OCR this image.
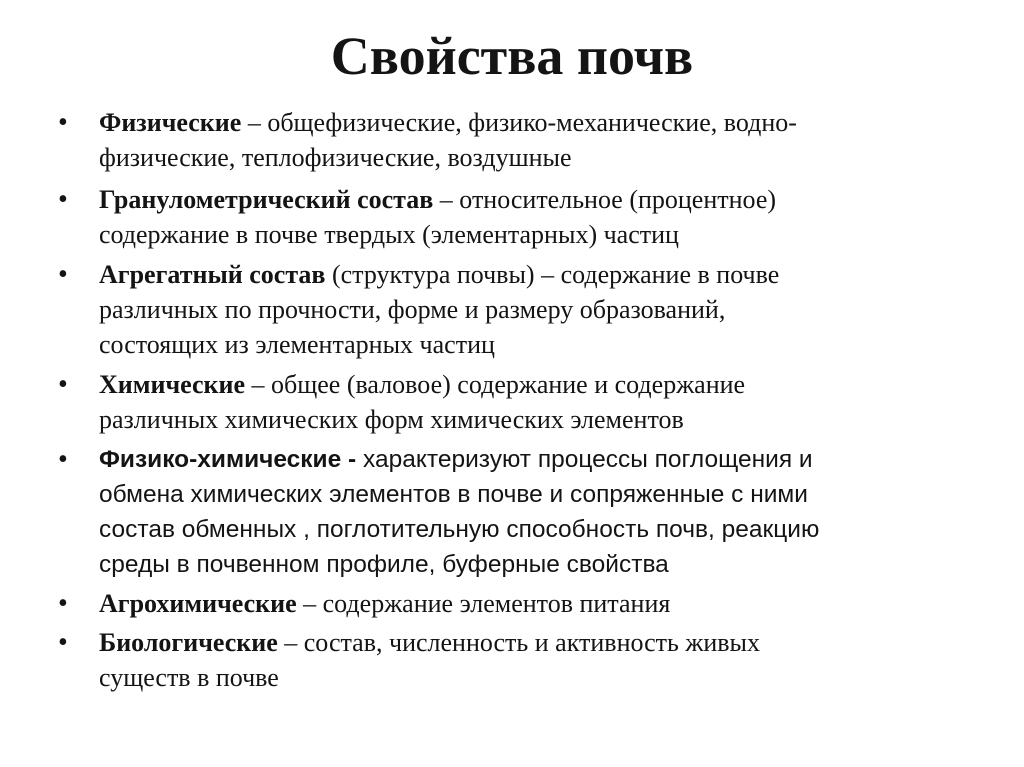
Свойства почв
• Физические – общефизические, физико-механические, водно-
физические, теплофизические, воздушные
• Гранулометрический состав – относительное (процентное)
содержание в почве твердых (элементарных) частиц
• Агрегатный состав (структура почвы) – содержание в почве
различных по прочности, форме и размеру образований,
состоящих из элементарных частиц
• Химические – общее (валовое) содержание и содержание
различных химических форм химических элементов
• Физико-химические - характеризуют процессы поглощения и
обмена химических элементов в почве и сопряженные с ними
состав обменных , поглотительную способность почв, реакцию
среды в почвенном профиле, буферные свойства
• Агрохимические – содержание элементов питания
• Биологические – состав, численность и активность живых
существ в почве
